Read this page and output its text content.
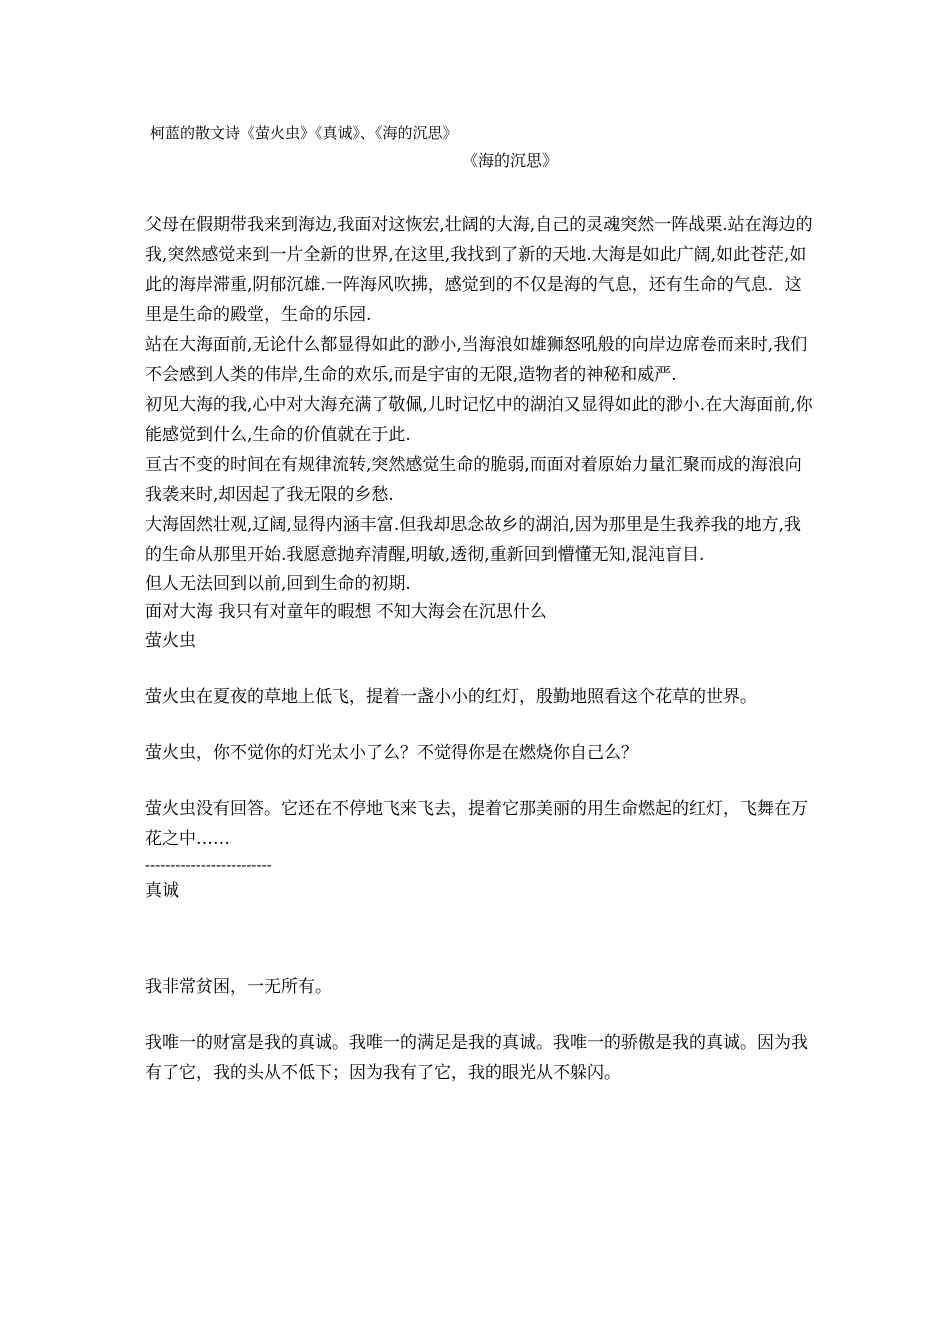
柯蓝的散文诗《萤火虫》《真诚》、《海的沉思》
《海的沉思》

父母在假期带我来到海边,我面对这恢宏,壮阔的大海,自己的灵魂突然一阵战栗.站在海边的我,突然感觉来到一片全新的世界,在这里,我找到了新的天地.大海是如此广阔,如此苍茫,如此的海岸滞重,阴郁沉雄.一阵海风吹拂，感觉到的不仅是海的气息，还有生命的气息．这里是生命的殿堂，生命的乐园.

站在大海面前,无论什么都显得如此的渺小,当海浪如雄狮怒吼般的向岸边席卷而来时,我们不会感到人类的伟岸,生命的欢乐,而是宇宙的无限,造物者的神秘和威严.

初见大海的我,心中对大海充满了敬佩,儿时记忆中的湖泊又显得如此的渺小.在大海面前,你能感觉到什么,生命的价值就在于此.

亘古不变的时间在有规律流转,突然感觉生命的脆弱,而面对着原始力量汇聚而成的海浪向我袭来时,却因起了我无限的乡愁.

大海固然壮观,辽阔,显得内涵丰富.但我却思念故乡的湖泊,因为那里是生我养我的地方,我的生命从那里开始.我愿意抛弃清醒,明敏,透彻,重新回到懵懂无知,混沌盲目.

但人无法回到以前,回到生命的初期.

面对大海 我只有对童年的暇想 不知大海会在沉思什么

萤火虫

萤火虫在夏夜的草地上低飞，提着一盏小小的红灯，殷勤地照看这个花草的世界。

萤火虫，你不觉你的灯光太小了么？不觉得你是在燃烧你自己么？

萤火虫没有回答。它还在不停地飞来飞去，提着它那美丽的用生命燃起的红灯，飞舞在万花之中……

-------------------------

真诚

我非常贫困，一无所有。

我唯一的财富是我的真诚。我唯一的满足是我的真诚。我唯一的骄傲是我的真诚。因为我有了它，我的头从不低下；因为我有了它，我的眼光从不躲闪。
